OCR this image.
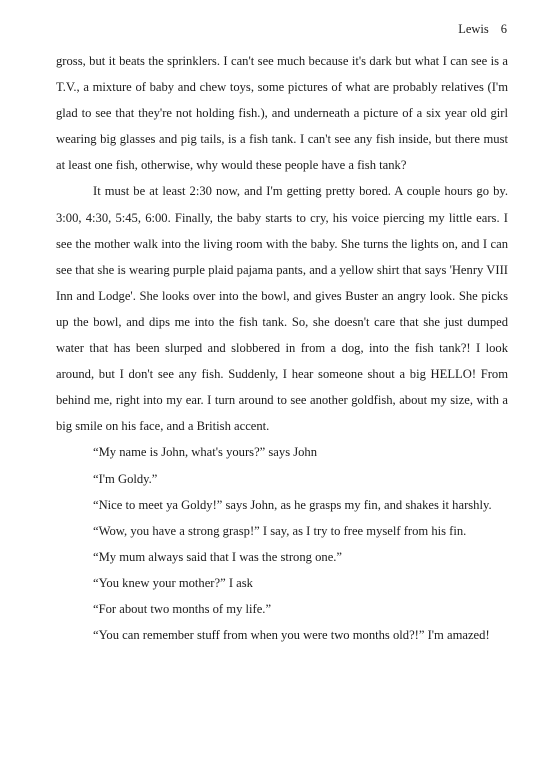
Lewis 6
gross, but it beats the sprinklers. I can't see much because it's dark but what I can see is a
T.V., a mixture of baby and chew toys, some pictures of what are probably relatives (I'm
glad to see that they're not holding fish.), and underneath a picture of a six year old girl
wearing big glasses and pig tails, is a fish tank. I can't see any fish inside, but there must
at least one fish, otherwise, why would these people have a fish tank?
It must be at least 2:30 now, and I'm getting pretty bored. A couple hours go by.
3:00, 4:30, 5:45, 6:00. Finally, the baby starts to cry, his voice piercing my little ears. I
see the mother walk into the living room with the baby. She turns the lights on, and I can
see that she is wearing purple plaid pajama pants, and a yellow shirt that says 'Henry VIII
Inn and Lodge'. She looks over into the bowl, and gives Buster an angry look. She picks
up the bowl, and dips me into the fish tank. So, she doesn't care that she just dumped
water that has been slurped and slobbered in from a dog, into the fish tank?! I look
around, but I don't see any fish. Suddenly, I hear someone shout a big HELLO! From
behind me, right into my ear. I turn around to see another goldfish, about my size, with a
big smile on his face, and a British accent.
“My name is John, what's yours?” says John
“I'm Goldy.”
“Nice to meet ya Goldy!” says John, as he grasps my fin, and shakes it harshly.
“Wow, you have a strong grasp!” I say, as I try to free myself from his fin.
“My mum always said that I was the strong one.”
“You knew your mother?” I ask
“For about two months of my life.”
“You can remember stuff from when you were two months old?!” I'm amazed!
